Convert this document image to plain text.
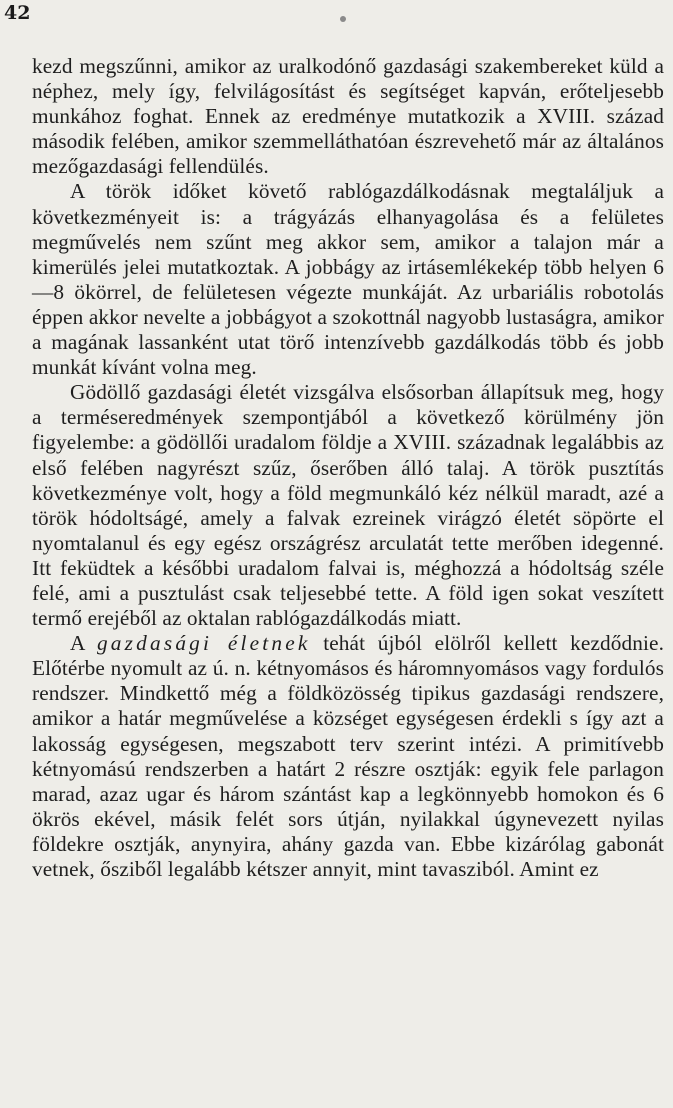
42

kezd megszűnni, amikor az uralkodónő gazdasági szakembereket küld a néphez, mely így, felvilágosítást és segítséget kapván, erőteljesebb munkához foghat. Ennek az eredménye mutatkozik a XVIII. század második felében, amikor szemmelláthatóan észrevehető már az általános mezőgazdasági fellendülés.

A török időket követő rablógazdálkodásnak megtaláljuk a következményeit is: a trágyázás elhanyagolása és a felületes megművelés nem szűnt meg akkor sem, amikor a talajon már a kimerülés jelei mutatkoztak. A jobbágy az irtásemlékekép több helyen 6—8 ökörrel, de felületesen végezte munkáját. Az urbariális robotolás éppen akkor nevelte a jobbágyot a szokottnál nagyobb lustaságra, amikor a magának lassanként utat törő intenzívebb gazdálkodás több és jobb munkát kívánt volna meg.

Gödöllő gazdasági életét vizsgálva elsősorban állapítsuk meg, hogy a terméseredmények szempontjából a következő körülmény jön figyelembe: a gödöllői uradalom földje a XVIII. századnak legalábbis az első felében nagyrészt szűz, őserőben álló talaj. A török pusztítás következménye volt, hogy a föld megmunkáló kéz nélkül maradt, azé a török hódoltságé, amely a falvak ezreinek virágzó életét söpörte el nyomtalanul és egy egész országrész arculatát tette merőben idegenné. Itt feküdtek a későbbi uradalom falvai is, méghozzá a hódoltság széle felé, ami a pusztulást csak teljesebbé tette. A föld igen sokat veszített termő erejéből az oktalan rablógazdálkodás miatt.

A gazdasági életnek tehát újból elölről kellett kezdődnie. Előtérbe nyomult az ú. n. kétnyomásos és háromnyomásos vagy fordulós rendszer. Mindkettő még a földközösség tipikus gazdasági rendszere, amikor a határ megművelése a községet egységesen érdekli s így azt a lakosság egységesen, megszabott terv szerint intézi. A primitívebb kétnyomású rendszerben a határt 2 részre osztják: egyik fele parlagon marad, azaz ugar és három szántást kap a legkönnyebb homokon és 6 ökrös ekével, másik felét sors útján, nyilakkal úgynevezett nyilas földekre osztják, anynyira, ahány gazda van. Ebbe kizárólag gabonát vetnek, ősziből legalább kétszer annyit, mint tavasziból. Amint ez
